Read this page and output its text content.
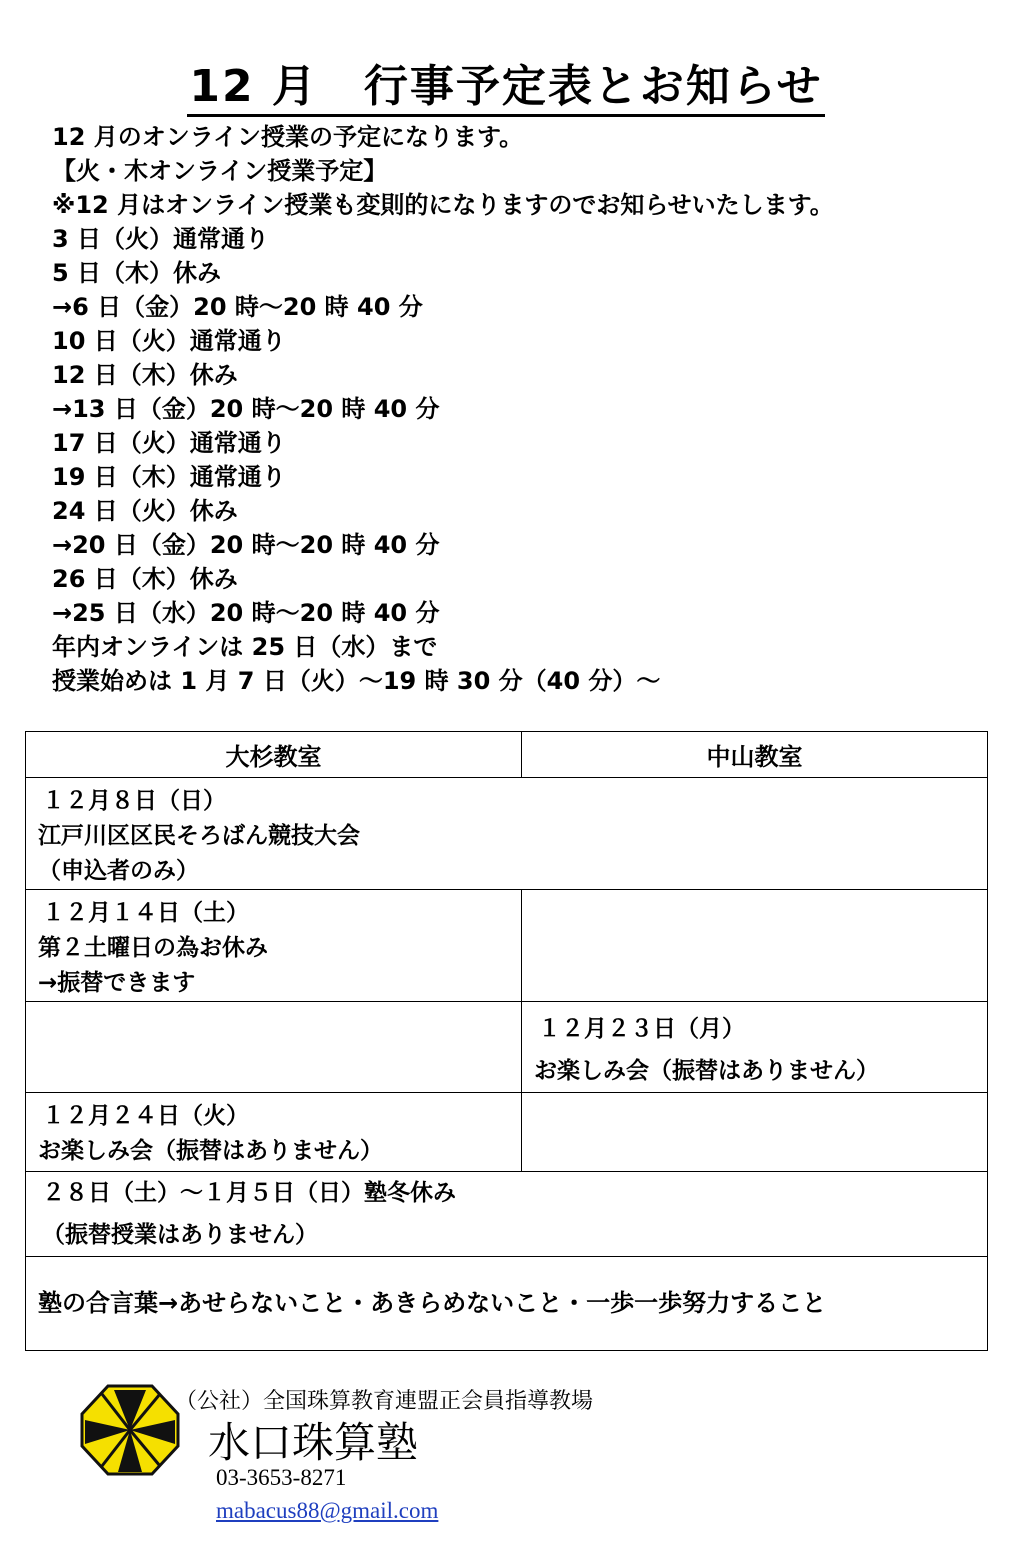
12 月　行事予定表とお知らせ
12 月のオンライン授業の予定になります。
【火・木オンライン授業予定】
※12 月はオンライン授業も変則的になりますのでお知らせいたします。
3 日（火）通常通り
5 日（木）休み
→6 日（金）20 時～20 時 40 分
10 日（火）通常通り
12 日（木）休み
→13 日（金）20 時～20 時 40 分
17 日（火）通常通り
19 日（木）通常通り
24 日（火）休み
→20 日（金）20 時～20 時 40 分
26 日（木）休み
→25 日（水）20 時～20 時 40 分
年内オンラインは 25 日（水）まで
授業始めは 1 月 7 日（火）～19 時 30 分（40 分）～
大杉教室	中山教室

１２月８日（日）
江戸川区区民そろばん競技大会
（申込者のみ）	

１２月１４日（土）
第２土曜日の為お休み
→振替できます	

	１２月２３日（月）
お楽しみ会（振替はありません）

１２月２４日（火）
お楽しみ会（振替はありません）	

２８日（土）～１月５日（日）塾冬休み
（振替授業はありません）	

塾の合言葉→あせらないこと・あきらめないこと・一歩一歩努力すること	
（公社）全国珠算教育連盟正会員指導教場
水口珠算塾
03-3653-8271
mabacus88@gmail.com
